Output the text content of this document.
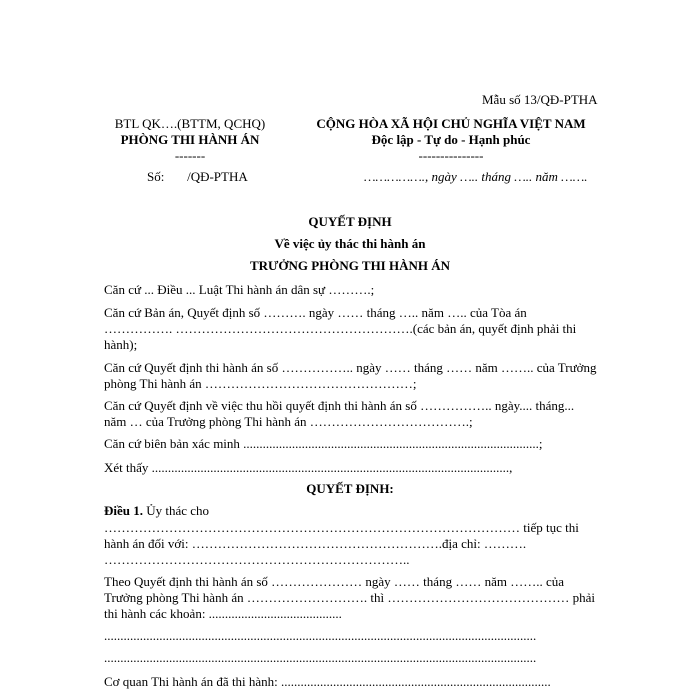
Mẫu số 13/QĐ-PTHA
BTL QK….(BTTM, QCHQ)
PHÒNG THI HÀNH ÁN
-------
Số:       /QĐ-PTHA
CỘNG HÒA XÃ HỘI CHỦ NGHĨA VIỆT NAM
Độc lập - Tự do - Hạnh phúc
---------------
……………., ngày ….. tháng ….. năm …….
QUYẾT ĐỊNH
Về việc ủy thác thi hành án
TRƯỞNG PHÒNG THI HÀNH ÁN
Căn cứ ... Điều ... Luật Thi hành án dân sự ……….;
Căn cứ Bản án, Quyết định số ………. ngày …… tháng ….. năm ….. của Tòa án ……………. ……………………………………………….(các bản án, quyết định phải thi hành);
Căn cứ Quyết định thi hành án số …………….. ngày …… tháng …… năm …….. của Trưởng phòng Thi hành án …………………………………………;
Căn cứ Quyết định về việc thu hồi quyết định thi hành án số …………….. ngày.... tháng... năm … của Trưởng phòng Thi hành án ……………………………….;
Căn cứ biên bản xác minh ...........................................................................................;
Xét thấy ..............................................................................................................,
QUYẾT ĐỊNH:
Điều 1. Ủy thác cho
…………………………………………………………………………………… tiếp tục thi hành án đối với: ………………………………………………….địa chỉ: ………. ……………………………………………………………..
Theo Quyết định thi hành án số ………………… ngày …… tháng …… năm …….. của Trưởng phòng Thi hành án ………………………. thì …………………………………… phải thi hành các khoản: .........................................
.....................................................................................................................................
.....................................................................................................................................
Cơ quan Thi hành án đã thi hành: ...................................................................................
